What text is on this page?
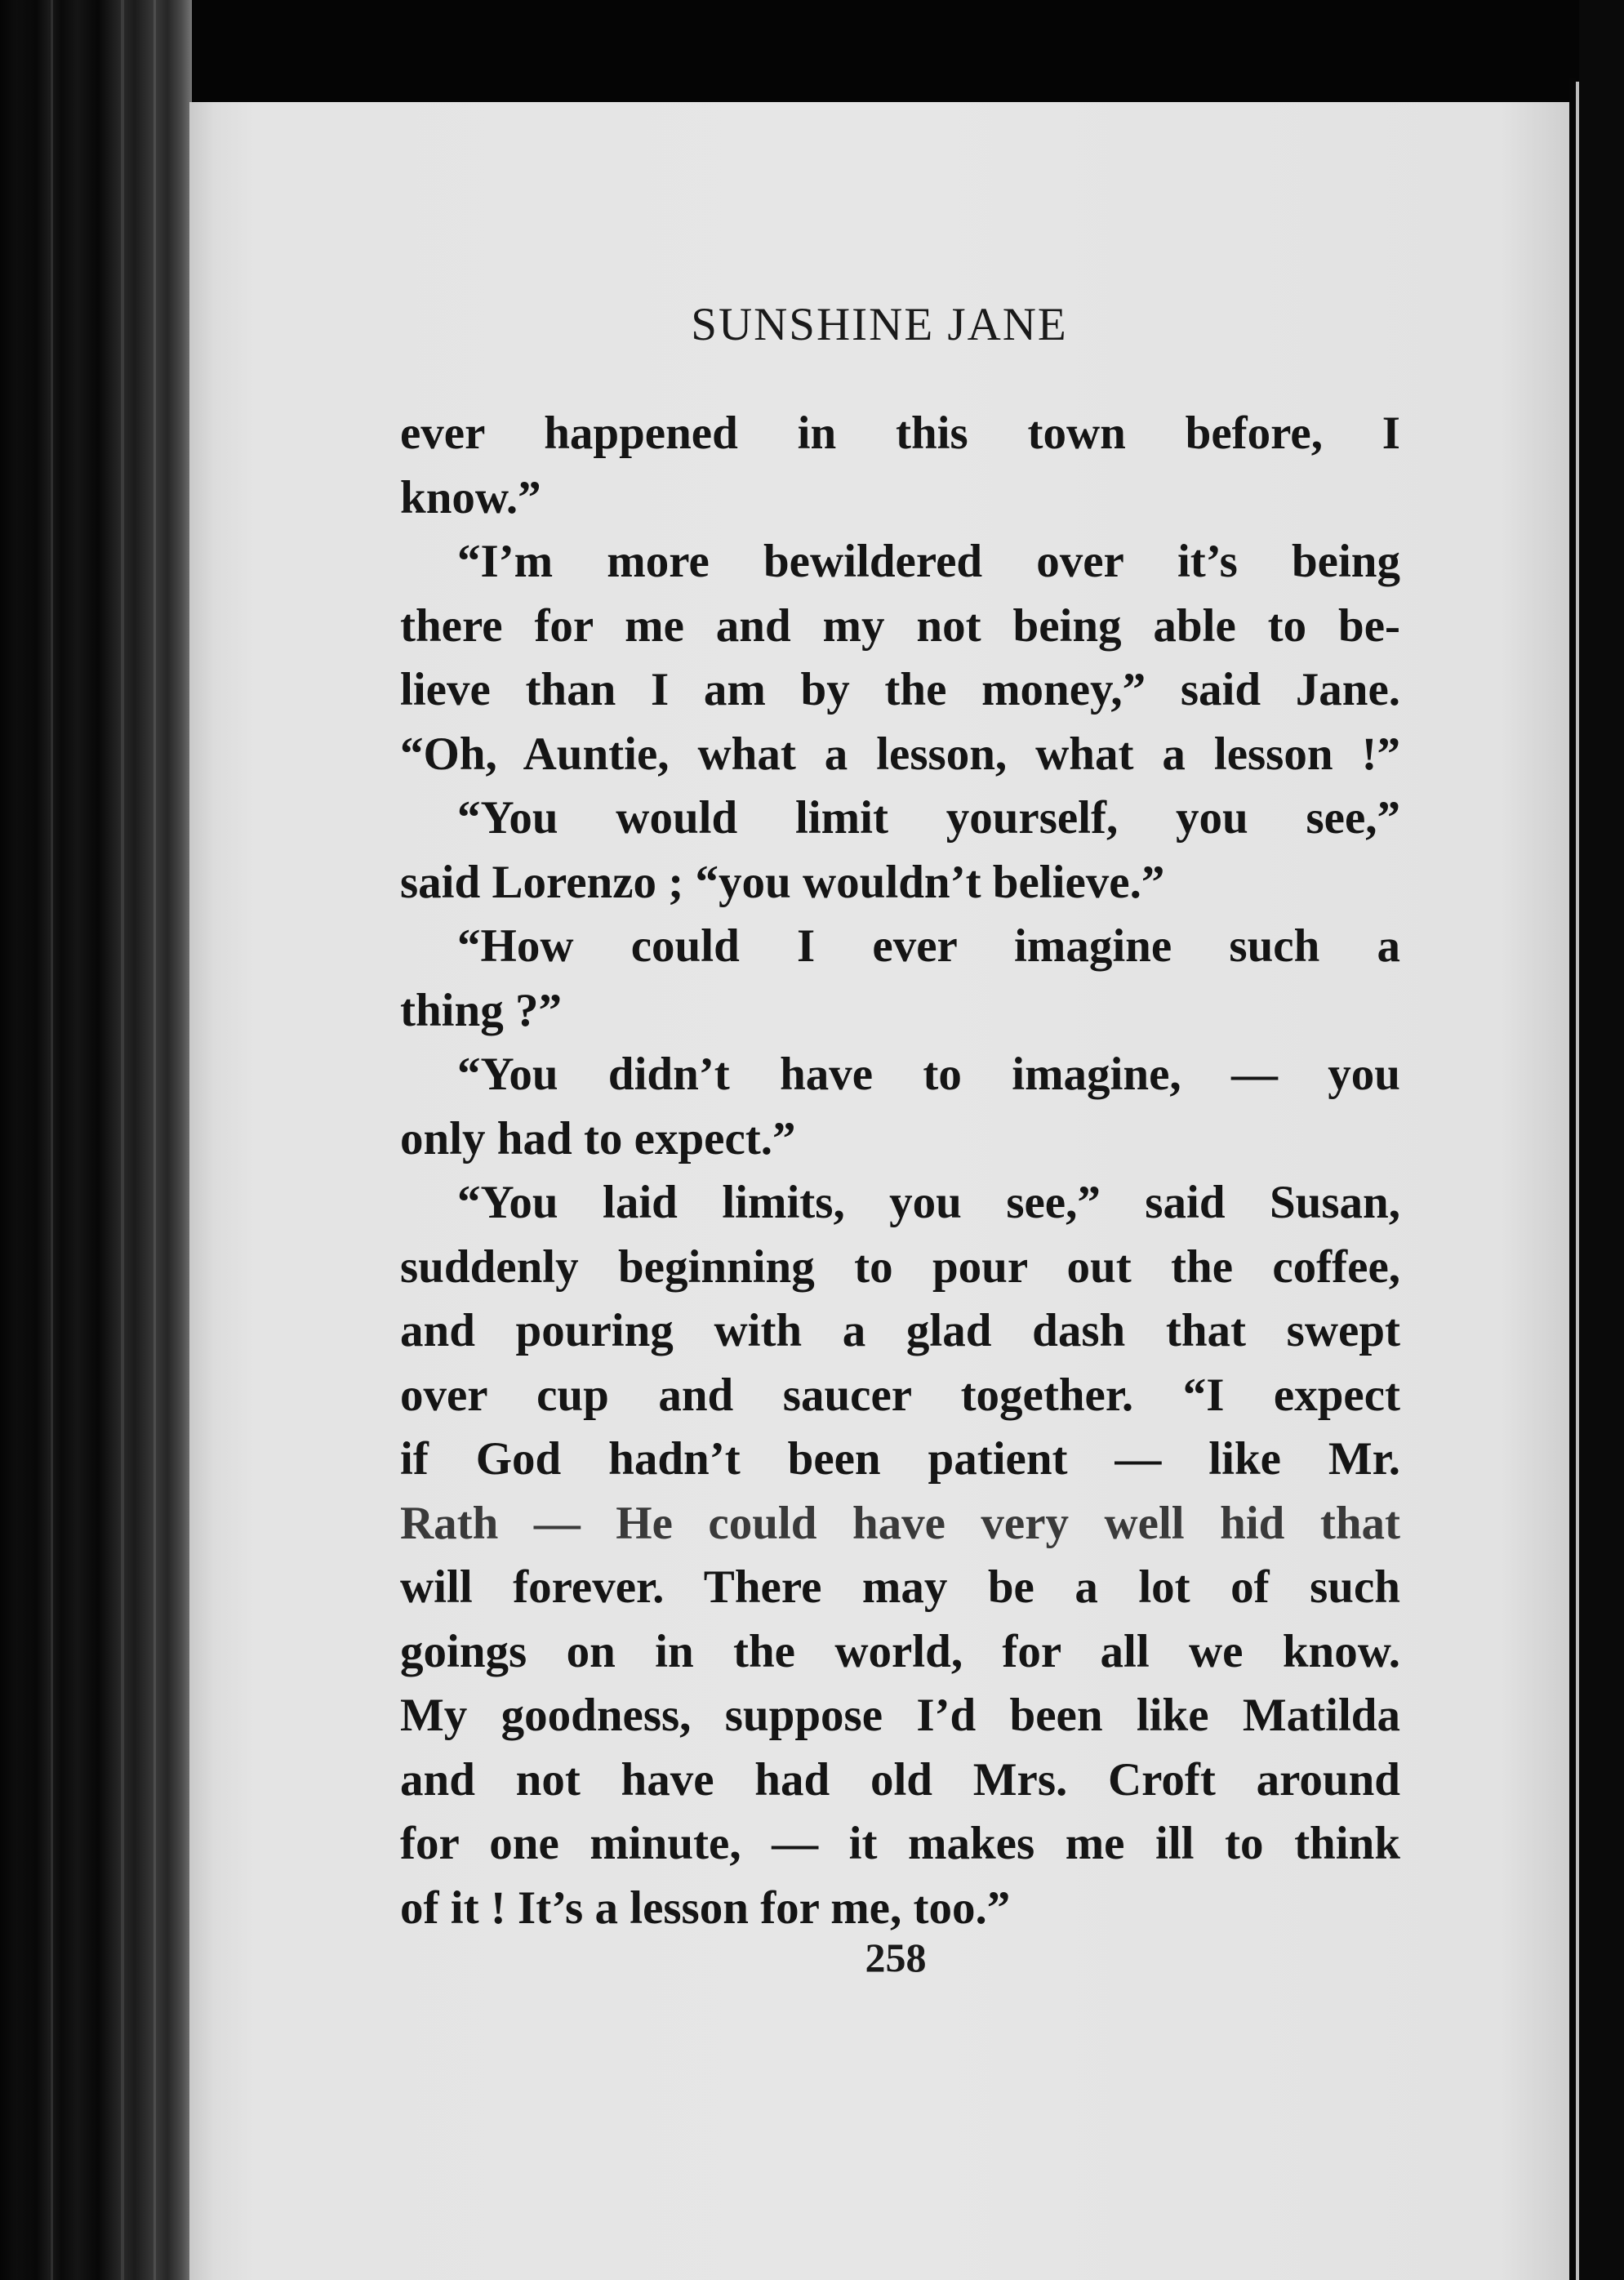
SUNSHINE JANE
ever happened in this town before, I
know.”
“I’m more bewildered over it’s being
there for me and my not being able to be-
lieve than I am by the money,” said Jane.
“Oh, Auntie, what a lesson, what a lesson !”
“You would limit yourself, you see,”
said Lorenzo ; “you wouldn’t believe.”
“How could I ever imagine such a
thing ?”
“You didn’t have to imagine, — you
only had to expect.”
“You laid limits, you see,” said Susan,
suddenly beginning to pour out the coffee,
and pouring with a glad dash that swept
over cup and saucer together. “I expect
if God hadn’t been patient — like Mr.
Rath — He could have very well hid that
will forever. There may be a lot of such
goings on in the world, for all we know.
My goodness, suppose I’d been like Matilda
and not have had old Mrs. Croft around
for one minute, — it makes me ill to think
of it ! It’s a lesson for me, too.”
258
